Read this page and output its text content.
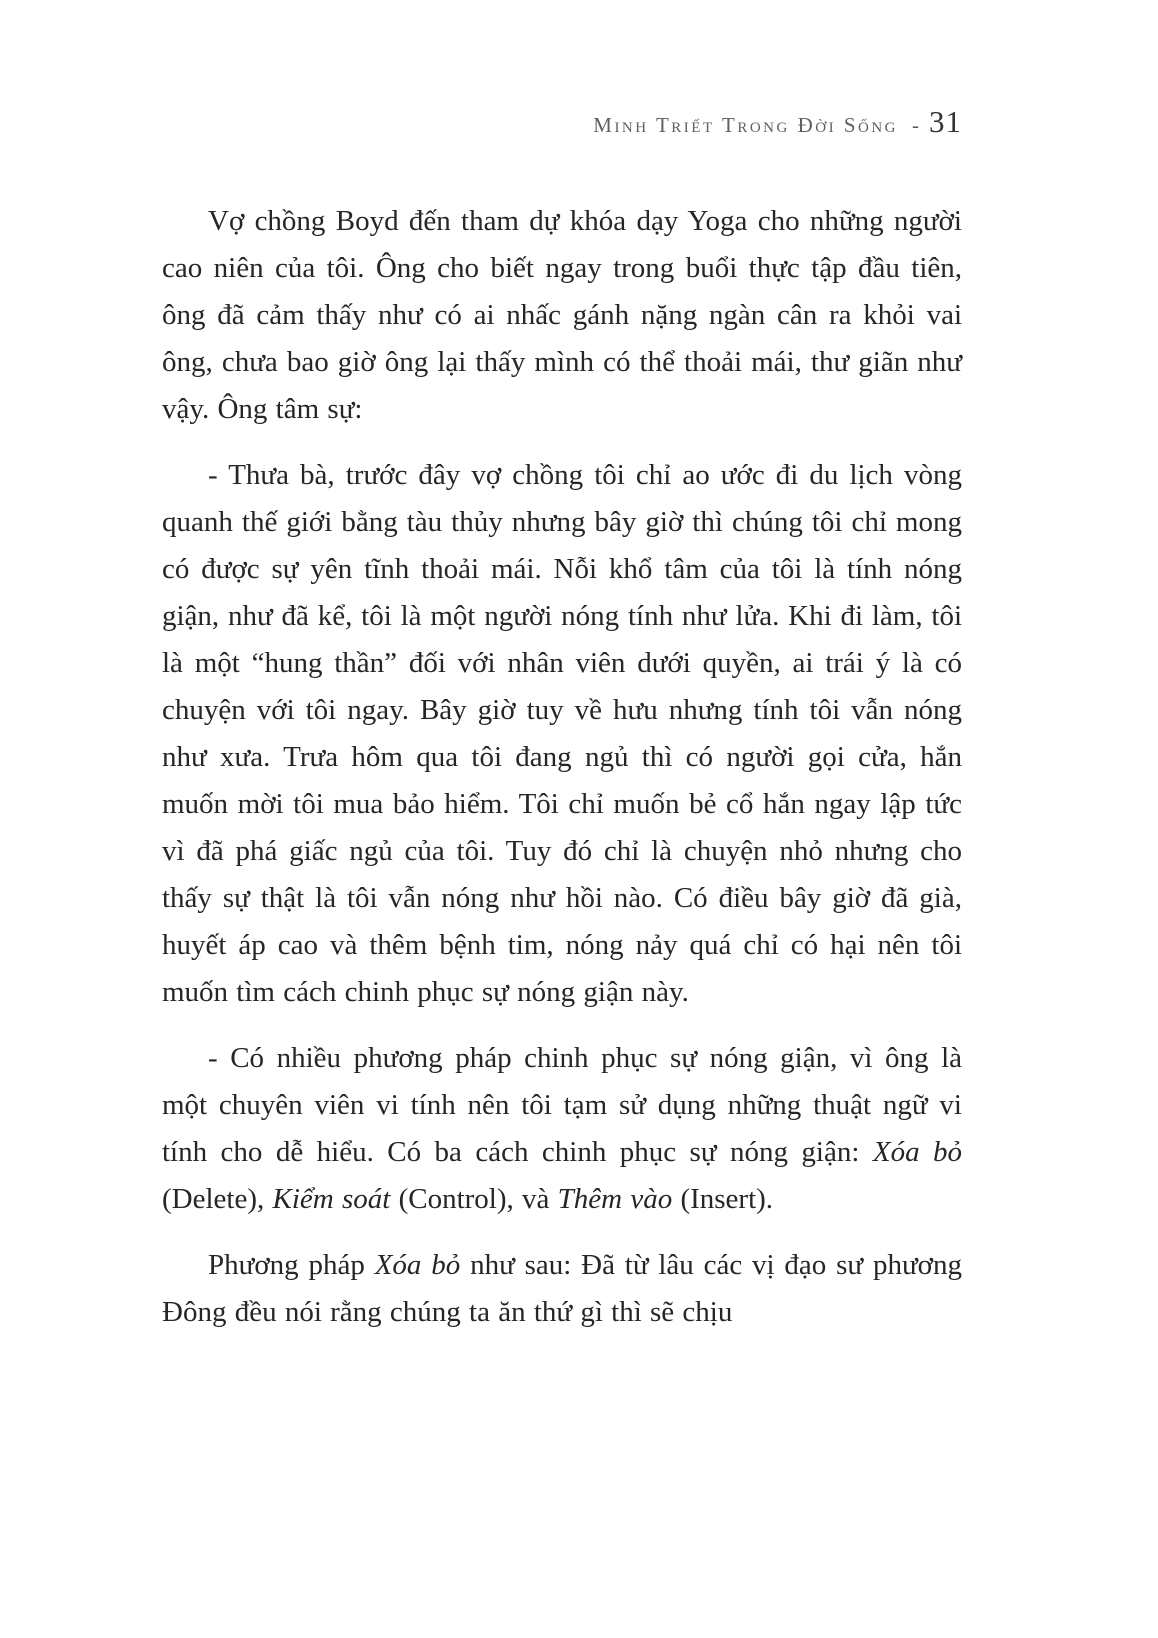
Minh Triết Trong Đời Sống - 31

Vợ chồng Boyd đến tham dự khóa dạy Yoga cho những người cao niên của tôi. Ông cho biết ngay trong buổi thực tập đầu tiên, ông đã cảm thấy như có ai nhấc gánh nặng ngàn cân ra khỏi vai ông, chưa bao giờ ông lại thấy mình có thể thoải mái, thư giãn như vậy. Ông tâm sự:

- Thưa bà, trước đây vợ chồng tôi chỉ ao ước đi du lịch vòng quanh thế giới bằng tàu thủy nhưng bây giờ thì chúng tôi chỉ mong có được sự yên tĩnh thoải mái. Nỗi khổ tâm của tôi là tính nóng giận, như đã kể, tôi là một người nóng tính như lửa. Khi đi làm, tôi là một “hung thần” đối với nhân viên dưới quyền, ai trái ý là có chuyện với tôi ngay. Bây giờ tuy về hưu nhưng tính tôi vẫn nóng như xưa. Trưa hôm qua tôi đang ngủ thì có người gọi cửa, hắn muốn mời tôi mua bảo hiểm. Tôi chỉ muốn bẻ cổ hắn ngay lập tức vì đã phá giấc ngủ của tôi. Tuy đó chỉ là chuyện nhỏ nhưng cho thấy sự thật là tôi vẫn nóng như hồi nào. Có điều bây giờ đã già, huyết áp cao và thêm bệnh tim, nóng nảy quá chỉ có hại nên tôi muốn tìm cách chinh phục sự nóng giận này.

- Có nhiều phương pháp chinh phục sự nóng giận, vì ông là một chuyên viên vi tính nên tôi tạm sử dụng những thuật ngữ vi tính cho dễ hiểu. Có ba cách chinh phục sự nóng giận: Xóa bỏ (Delete), Kiểm soát (Control), và Thêm vào (Insert).

Phương pháp Xóa bỏ như sau: Đã từ lâu các vị đạo sư phương Đông đều nói rằng chúng ta ăn thứ gì thì sẽ chịu
